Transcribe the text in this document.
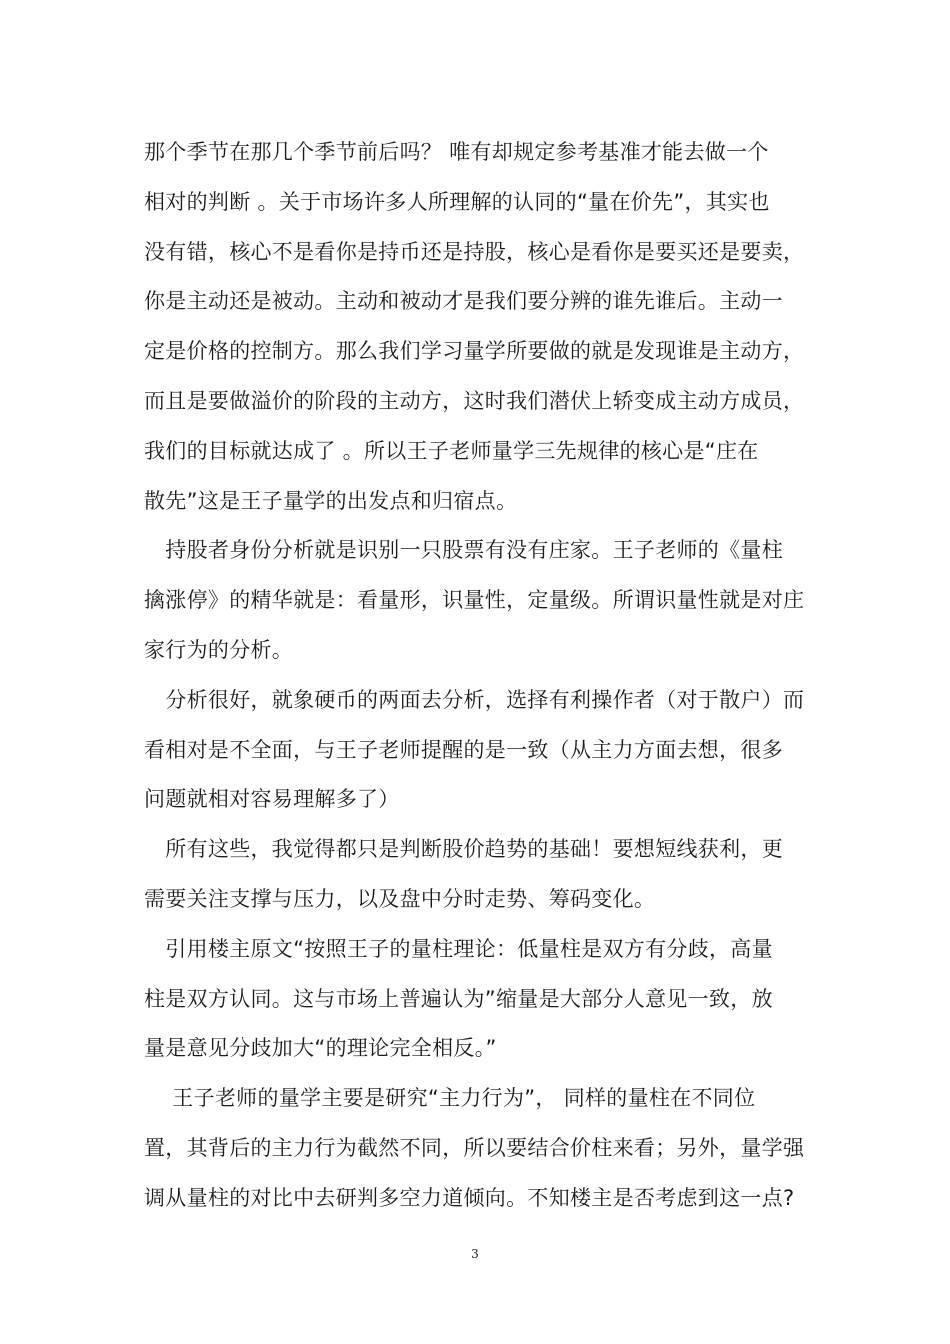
那个季节在那几个季节前后吗？ 唯有却规定参考基准才能去做一个
相对的判断 。关于市场许多人所理解的认同的“量在价先”，其实也
没有错，核心不是看你是持币还是持股，核心是看你是要买还是要卖，
你是主动还是被动。主动和被动才是我们要分辨的谁先谁后。主动一
定是价格的控制方。那么我们学习量学所要做的就是发现谁是主动方，
而且是要做溢价的阶段的主动方，这时我们潜伏上轿变成主动方成员，
我们的目标就达成了 。所以王子老师量学三先规律的核心是“庄在
散先”这是王子量学的出发点和归宿点。
　持股者身份分析就是识别一只股票有没有庄家。王子老师的《量柱
擒涨停》的精华就是：看量形，识量性，定量级。所谓识量性就是对庄
家行为的分析。
　分析很好，就象硬币的两面去分析，选择有利操作者（对于散户）而
看相对是不全面，与王子老师提醒的是一致（从主力方面去想，很多
问题就相对容易理解多了）
　所有这些，我觉得都只是判断股价趋势的基础！要想短线获利，更
需要关注支撑与压力，以及盘中分时走势、筹码变化。
　引用楼主原文“按照王子的量柱理论：低量柱是双方有分歧，高量
柱是双方认同。这与市场上普遍认为”缩量是大部分人意见一致，放
量是意见分歧加大“的理论完全相反。”
　 王子老师的量学主要是研究“主力行为”， 同样的量柱在不同位
置，其背后的主力行为截然不同，所以要结合价柱来看；另外，量学强
调从量柱的对比中去研判多空力道倾向。不知楼主是否考虑到这一点?
3
